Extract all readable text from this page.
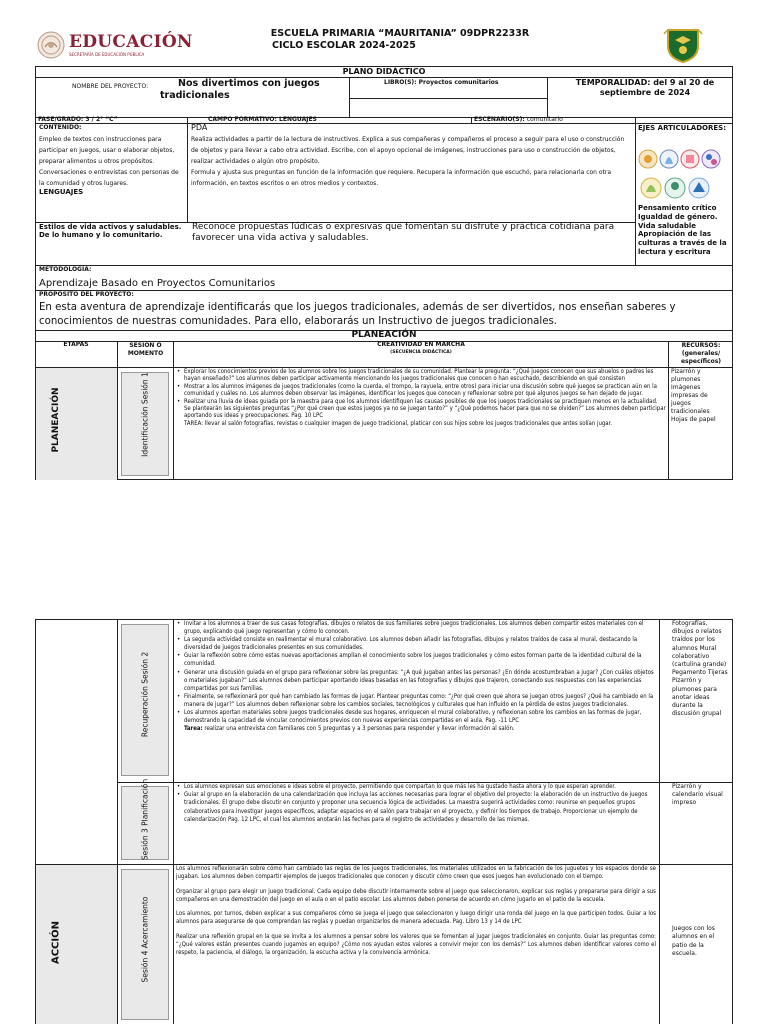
EDUCACIÓN
SECRETARÍA DE EDUCACIÓN PÚBLICA
ESCUELA PRIMARIA “MAURITANIA” 09DPR2233R
CICLO ESCOLAR 2024-2025
PLANO DIDÁCTICO
NOMBRE DEL PROYECTO:	Nos divertimos con juegos tradicionales
LIBRO(S): Proyectos comunitarios	TEMPORALIDAD: del 9 al 20 de septiembre de 2024
FASE/GRADO: 3 / 2° “C”	CAMPO FORMATIVO: LENGUAJES	ESCENARIO(S): comunitario
CONTENIDO:
Empleo de textos con instrucciones para participar en juegos, usar o elaborar objetos, preparar alimentos u otros propósitos.
Conversaciones o entrevistas con personas de la comunidad y otros lugares.
LENGUAJES
PDA
Realiza actividades a partir de la lectura de instructivos. Explica a sus compañeras y compañeros el proceso a seguir para el uso o construcción de objetos y para llevar a cabo otra actividad. Escribe, con el apoyo opcional de imágenes, instrucciones para uso o construcción de objetos, realizar actividades o algún otro propósito.
Formula y ajusta sus preguntas en función de la información que requiere. Recupera la información que escuchó, para relacionarla con otra información, en textos escritos o en otros medios y contextos.
EJES ARTICULADORES:
Pensamiento crítico
Igualdad de género.
Vida saludable
Apropiación de las culturas a través de la lectura y escritura
Estilos de vida activos y saludables. De lo humano y lo comunitario.
Reconoce propuestas lúdicas o expresivas que fomentan su disfrute y práctica cotidiana para favorecer una vida activa y saludables.
METODOLOGÍA:
Aprendizaje Basado en Proyectos Comunitarios
PROPÓSITO DEL PROYECTO:
En esta aventura de aprendizaje identificarás que los juegos tradicionales, además de ser divertidos, nos enseñan saberes y conocimientos de nuestras comunidades. Para ello, elaborarás un Instructivo de juegos tradicionales.
PLANEACIÓN
ETAPAS	SESIÓN O MOMENTO
CREATIVIDAD EN MARCHA
(SECUENCIA DIDÁCTICA)
RECURSOS: (generales/ específicos)
PLANEACIÓN	Identificación Sesión 1
• Explorar los conocimientos previos de los alumnos sobre los juegos tradicionales de su comunidad. Plantear la pregunta: “¿Qué juegos conocen que sus abuelos o padres les hayan enseñado?” Los alumnos deben participar activamente mencionando los juegos tradicionales que conocen o han escuchado, describiendo en qué consisten
• Mostrar a los alumnos imágenes de juegos tradicionales (como la cuerda, el trompo, la rayuela, entre otros) para iniciar una discusión sobre qué juegos se practican aún en la comunidad y cuáles no. Los alumnos deben observar las imágenes, identificar los juegos que conocen y reflexionar sobre por qué algunos juegos se han dejado de jugar.
• Realizar una lluvia de ideas guiada por la maestra para que los alumnos identifiquen las causas posibles de que los juegos tradicionales se practiquen menos en la actualidad. Se plantearán las siguientes preguntas “¿Por qué creen que estos juegos ya no se juegan tanto?” y “¿Qué podemos hacer para que no se olviden?” Los alumnos deben participar aportando sus ideas y preocupaciones. Pag. 10 LPC
TAREA: llevar al salón fotografías, revistas o cualquier imagen de juego tradicional, platicar con sus hijos sobre los juegos tradicionales que antes solían jugar.
Pizarrón y plumones Imágenes impresas de juegos tradicionales Hojas de papel
Recuperación Sesión 2
• Invitar a los alumnos a traer de sus casas fotografías, dibujos o relatos de sus familiares sobre juegos tradicionales. Los alumnos deben compartir estos materiales con el grupo, explicando qué juego representan y cómo lo conocen.
• La segunda actividad consiste en realimentar el mural colaborativo. Los alumnos deben añadir las fotografías, dibujos y relatos traídos de casa al mural, destacando la diversidad de juegos tradicionales presentes en sus comunidades.
• Guiar la reflexión sobre cómo estas nuevas aportaciones amplían el conocimiento sobre los juegos tradicionales y cómo estos forman parte de la identidad cultural de la comunidad.
• Generar una discusión guiada en el grupo para reflexionar sobre las preguntas: “¿A qué jugaban antes las personas? ¿En dónde acostumbraban a jugar? ¿Con cuáles objetos o materiales jugaban?” Los alumnos deben participar aportando ideas basadas en las fotografías y dibujos que trajeron, conectando sus respuestas con las experiencias compartidas por sus familias.
• Finalmente, se reflexionará por qué han cambiado las formas de jugar. Plantear preguntas como: “¿Por qué creen que ahora se juegan otros juegos? ¿Qué ha cambiado en la manera de jugar?” Los alumnos deben reflexionar sobre los cambios sociales, tecnológicos y culturales que han influido en la pérdida de estos juegos tradicionales.
• Los alumnos aportan materiales sobre juegos tradicionales desde sus hogares, enriquecen el mural colaborativo, y reflexionan sobre los cambios en las formas de jugar, demostrando la capacidad de vincular conocimientos previos con nuevas experiencias compartidas en el aula. Pag. -11 LPC
Tarea: realizar una entrevista con familiares con 5 preguntas y a 3 personas para responder y llevar información al salón.
Fotografías, dibujos o relatos traídos por los alumnos Mural colaborativo (cartulina grande) Pegamento Tijeras Pizarrón y plumones para anotar ideas durante la discusión grupal
Sesión 3 Planificación
•	Los alumnos expresan sus emociones e ideas sobre el proyecto, permitiendo que compartan lo que más les ha gustado hasta ahora y lo que esperan aprender.
• Guiar al grupo en la elaboración de una calendarización que incluya las acciones necesarias para lograr el objetivo del proyecto: la elaboración de un instructivo de juegos tradicionales. El grupo debe discutir en conjunto y proponer una secuencia lógica de actividades. La maestra sugerirá actividades como: reunirse en pequeños grupos colaborativos para investigar juegos específicos, adaptar espacios en el salón para trabajar en el proyecto, y definir los tiempos de trabajo. Proporcionar un ejemplo de calendarización Pag. 12 LPC, el cual los alumnos anotarán las fechas para el registro de actividades y desarrollo de las mismas.
Pizarrón y calendario visual impreso
ACCIÓN	Sesión 4 Acercamiento

Los alumnos reflexionarán sobre cómo han cambiado las reglas de los juegos tradicionales, los materiales utilizados en la fabricación de los juguetes y los espacios donde se jugaban. Los alumnos deben compartir ejemplos de juegos tradicionales que conocen y discutir cómo creen que esos juegos han evolucionado con el tiempo.

Organizar al grupo para elegir un juego tradicional. Cada equipo debe discutir internamente sobre el juego que seleccionaron, explicar sus reglas y prepararse para dirigir a sus compañeros en una demostración del juego en el aula o en el patio escolar. Los alumnos deben ponerse de acuerdo en cómo jugarlo en el patio de la escuela.

Los alumnos, por turnos, deben explicar a sus compañeros cómo se juega el juego que seleccionaron y luego dirigir una ronda del juego en la que participen todos. Guiar a los alumnos para asegurarse de que comprendan las reglas y puedan organizarlos de manera adecuada. Pag. Libro 13 y 14 de LPC

Realizar una reflexión grupal en la que se invita a los alumnos a pensar sobre los valores que se fomentan al jugar juegos tradicionales en conjunto. Guiar las preguntas como: “¿Qué valores están presentes cuando jugamos en equipo? ¿Cómo nos ayudan estos valores a convivir mejor con los demás?” Los alumnos deben identificar valores como el respeto, la paciencia, el diálogo, la organización, la escucha activa y la convivencia armónica.

Juegos con los alumnos en el patio de la escuela.
